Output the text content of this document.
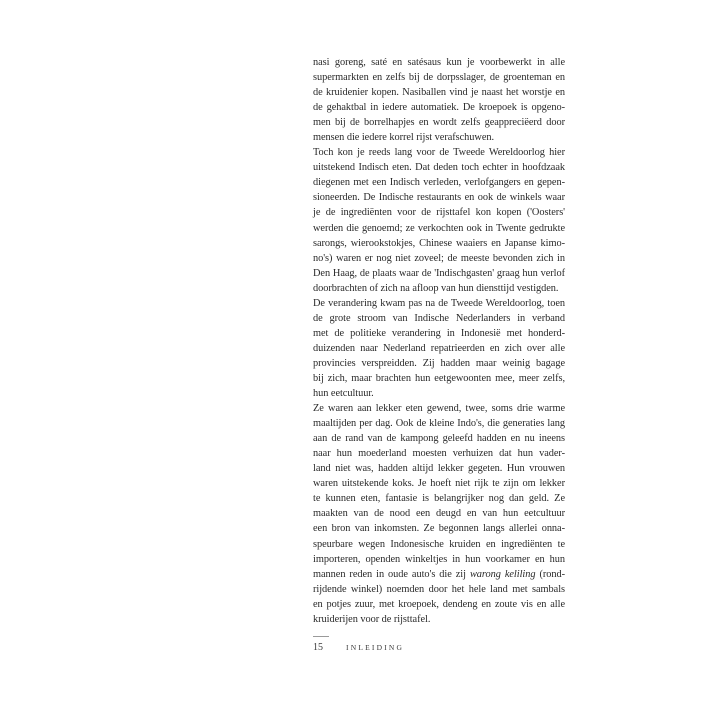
nasi goreng, saté en satésaus kun je voorbewerkt in alle
supermarkten en zelfs bij de dorpsslager, de groenteman en
de kruidenier kopen. Nasiballen vind je naast het worstje en
de gehaktbal in iedere automatiek. De kroepoek is opgeno-
men bij de borrelhapjes en wordt zelfs geappreciëerd door
mensen die iedere korrel rijst verafschuwen.
Toch kon je reeds lang voor de Tweede Wereldoorlog hier
uitstekend Indisch eten. Dat deden toch echter in hoofdzaak
diegenen met een Indisch verleden, verlofgangers en gepen-
sioneerden. De Indische restaurants en ook de winkels waar
je de ingrediënten voor de rijsttafel kon kopen ('Oosters'
werden die genoemd; ze verkochten ook in Twente gedrukte
sarongs, wierookstokjes, Chinese waaiers en Japanse kimo-
no's) waren er nog niet zoveel; de meeste bevonden zich in
Den Haag, de plaats waar de 'Indischgasten' graag hun verlof
doorbrachten of zich na afloop van hun diensttijd vestigden.
De verandering kwam pas na de Tweede Wereldoorlog, toen
de grote stroom van Indische Nederlanders in verband
met de politieke verandering in Indonesië met honderd-
duizenden naar Nederland repatrieerden en zich over alle
provincies verspreidden. Zij hadden maar weinig bagage
bij zich, maar brachten hun eetgewoonten mee, meer zelfs,
hun eetcultuur.
Ze waren aan lekker eten gewend, twee, soms drie warme
maaltijden per dag. Ook de kleine Indo's, die generaties lang
aan de rand van de kampong geleefd hadden en nu ineens
naar hun moederland moesten verhuizen dat hun vader-
land niet was, hadden altijd lekker gegeten. Hun vrouwen
waren uitstekende koks. Je hoeft niet rijk te zijn om lekker
te kunnen eten, fantasie is belangrijker nog dan geld. Ze
maakten van de nood een deugd en van hun eetcultuur
een bron van inkomsten. Ze begonnen langs allerlei onna-
speurbare wegen Indonesische kruiden en ingrediënten te
importeren, openden winkeltjes in hun voorkamer en hun
mannen reden in oude auto's die zij warong keliling (rond-
rijdende winkel) noemden door het hele land met sambals
en potjes zuur, met kroepoek, dendeng en zoute vis en alle
kruiderijen voor de rijsttafel.
15	INLEIDING
